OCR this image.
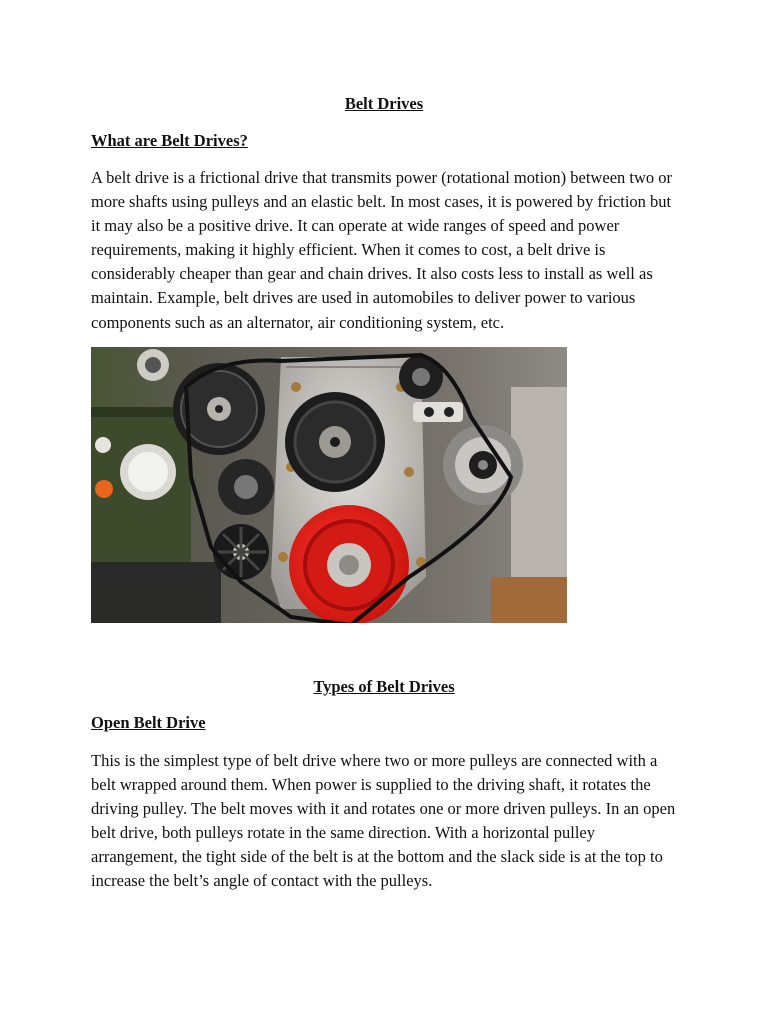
Belt Drives
What are Belt Drives?

A belt drive is a frictional drive that transmits power (rotational motion) between two or more shafts using pulleys and an elastic belt. In most cases, it is powered by friction but it may also be a positive drive. It can operate at wide ranges of speed and power requirements, making it highly efficient. When it comes to cost, a belt drive is considerably cheaper than gear and chain drives. It also costs less to install as well as maintain. Example, belt drives are used in automobiles to deliver power to various components such as an alternator, air conditioning system, etc.

Types of Belt Drives
Open Belt Drive

This is the simplest type of belt drive where two or more pulleys are connected with a belt wrapped around them. When power is supplied to the driving shaft, it rotates the driving pulley. The belt moves with it and rotates one or more driven pulleys. In an open belt drive, both pulleys rotate in the same direction. With a horizontal pulley arrangement, the tight side of the belt is at the bottom and the slack side is at the top to increase the belt’s angle of contact with the pulleys.
